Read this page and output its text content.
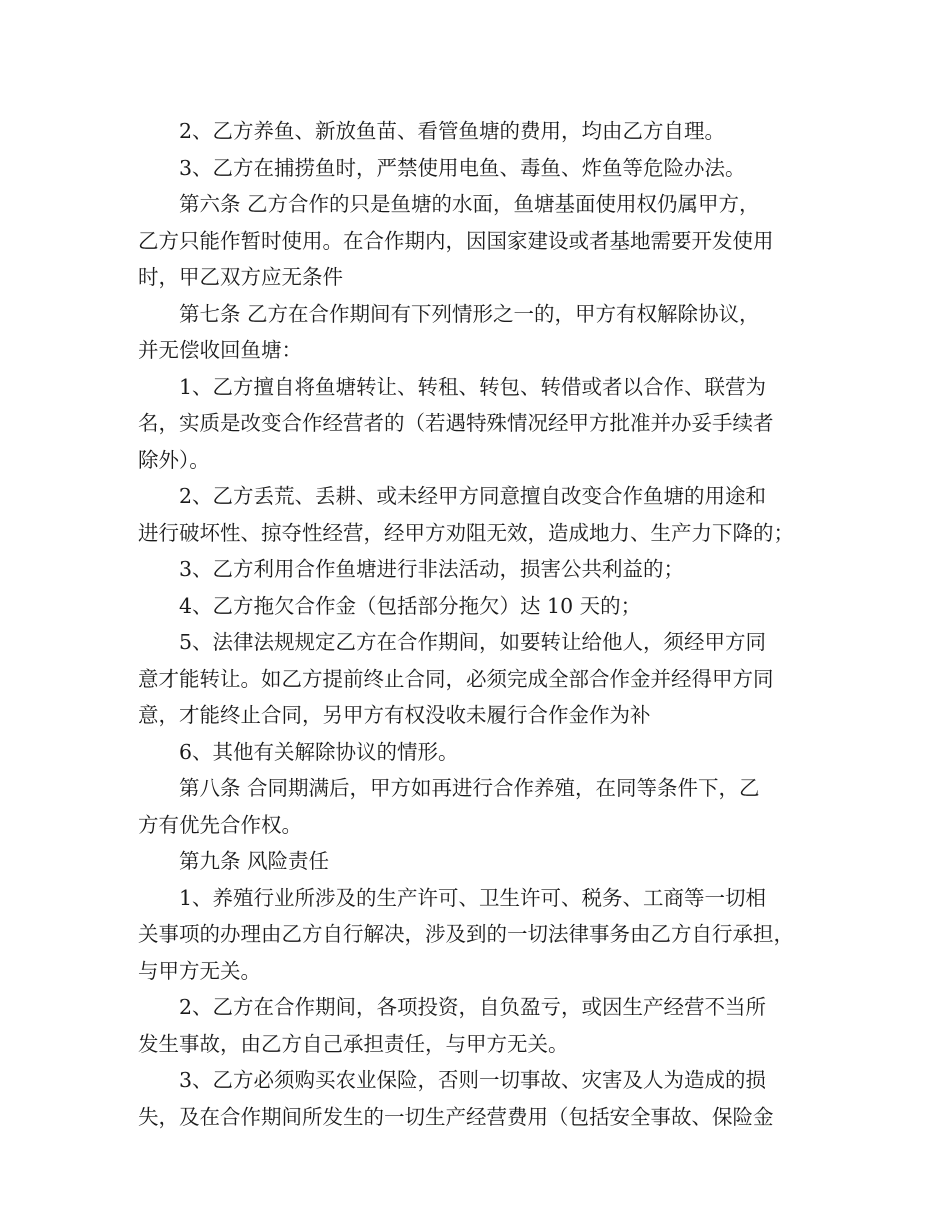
2、乙方养鱼、新放鱼苗、看管鱼塘的费用，均由乙方自理。
3、乙方在捕捞鱼时，严禁使用电鱼、毒鱼、炸鱼等危险办法。
第六条 乙方合作的只是鱼塘的水面，鱼塘基面使用权仍属甲方，
乙方只能作暂时使用。在合作期内，因国家建设或者基地需要开发使用
时，甲乙双方应无条件
第七条 乙方在合作期间有下列情形之一的，甲方有权解除协议，
并无偿收回鱼塘：
1、乙方擅自将鱼塘转让、转租、转包、转借或者以合作、联营为
名，实质是改变合作经营者的（若遇特殊情况经甲方批准并办妥手续者
除外）。
2、乙方丢荒、丢耕、或未经甲方同意擅自改变合作鱼塘的用途和
进行破坏性、掠夺性经营，经甲方劝阻无效，造成地力、生产力下降的；
3、乙方利用合作鱼塘进行非法活动，损害公共利益的；
4、乙方拖欠合作金（包括部分拖欠）达 10 天的；
5、法律法规规定乙方在合作期间，如要转让给他人，须经甲方同
意才能转让。如乙方提前终止合同，必须完成全部合作金并经得甲方同
意，才能终止合同，另甲方有权没收未履行合作金作为补
6、其他有关解除协议的情形。
第八条 合同期满后，甲方如再进行合作养殖，在同等条件下，乙
方有优先合作权。
第九条 风险责任
1、养殖行业所涉及的生产许可、卫生许可、税务、工商等一切相
关事项的办理由乙方自行解决，涉及到的一切法律事务由乙方自行承担，
与甲方无关。
2、乙方在合作期间，各项投资，自负盈亏，或因生产经营不当所
发生事故，由乙方自己承担责任，与甲方无关。
3、乙方必须购买农业保险，否则一切事故、灾害及人为造成的损
失，及在合作期间所发生的一切生产经营费用（包括安全事故、保险金
